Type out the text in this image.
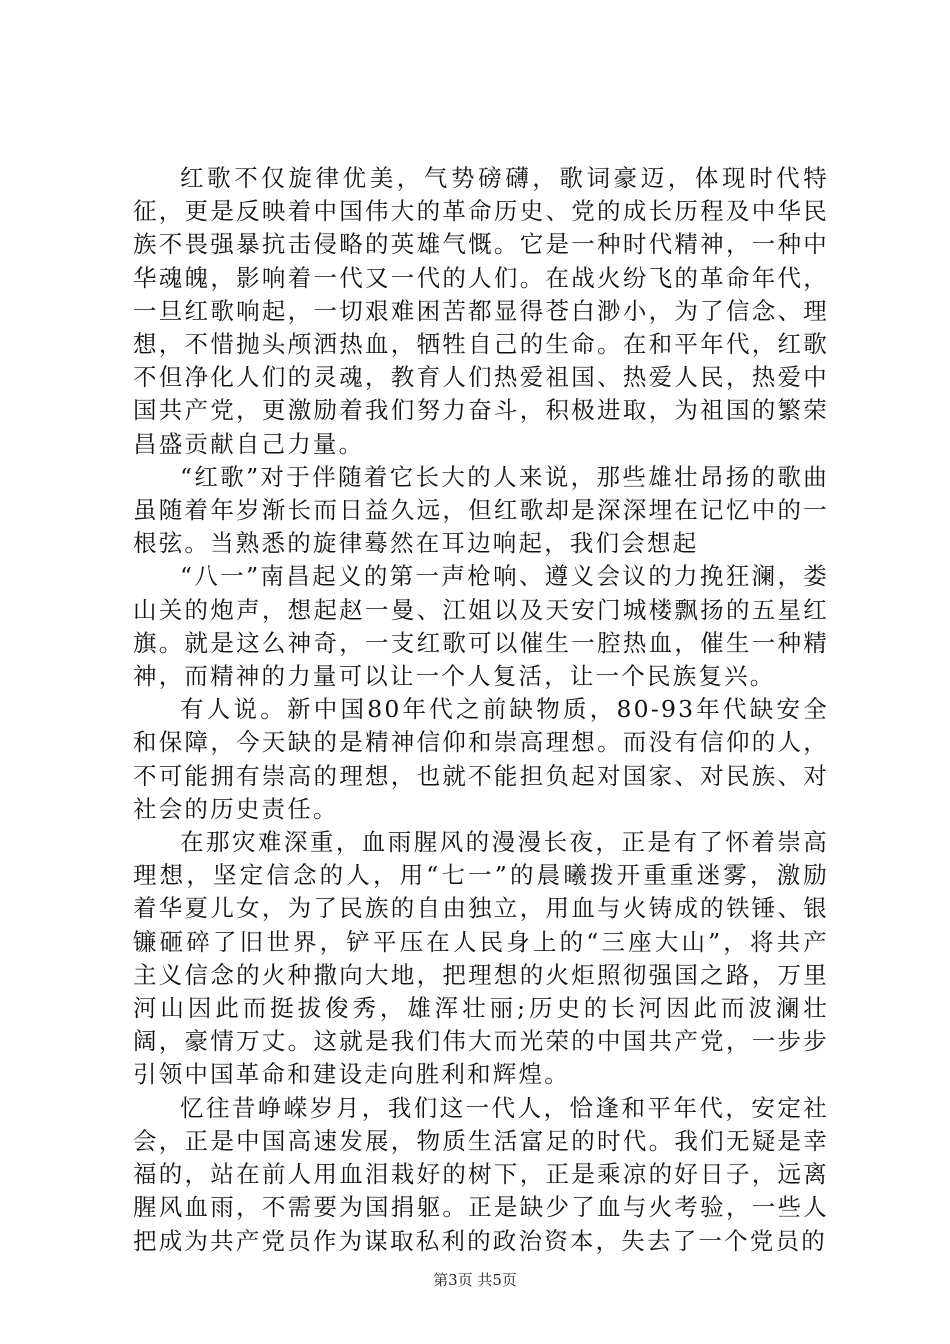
红歌不仅旋律优美，气势磅礴，歌词豪迈，体现时代特征，更是反映着中国伟大的革命历史、党的成长历程及中华民族不畏强暴抗击侵略的英雄气慨。它是一种时代精神，一种中华魂魄，影响着一代又一代的人们。在战火纷飞的革命年代，一旦红歌响起，一切艰难困苦都显得苍白渺小，为了信念、理想，不惜抛头颅洒热血，牺牲自己的生命。在和平年代，红歌不但净化人们的灵魂，教育人们热爱祖国、热爱人民，热爱中国共产党，更激励着我们努力奋斗，积极进取，为祖国的繁荣昌盛贡献自己力量。

“红歌”对于伴随着它长大的人来说，那些雄壮昂扬的歌曲虽随着年岁渐长而日益久远，但红歌却是深深埋在记忆中的一根弦。当熟悉的旋律蓦然在耳边响起，我们会想起

“八一”南昌起义的第一声枪响、遵义会议的力挽狂澜，娄山关的炮声，想起赵一曼、江姐以及天安门城楼飘扬的五星红旗。就是这么神奇，一支红歌可以催生一腔热血，催生一种精神，而精神的力量可以让一个人复活，让一个民族复兴。

有人说。新中国80年代之前缺物质，80-93年代缺安全和保障，今天缺的是精神信仰和崇高理想。而没有信仰的人，不可能拥有崇高的理想，也就不能担负起对国家、对民族、对社会的历史责任。

在那灾难深重，血雨腥风的漫漫长夜，正是有了怀着崇高理想，坚定信念的人，用“七一”的晨曦拨开重重迷雾，激励着华夏儿女，为了民族的自由独立，用血与火铸成的铁锤、银镰砸碎了旧世界，铲平压在人民身上的“三座大山”，将共产主义信念的火种撒向大地，把理想的火炬照彻强国之路，万里河山因此而挺拔俊秀，雄浑壮丽;历史的长河因此而波澜壮阔，豪情万丈。这就是我们伟大而光荣的中国共产党，一步步引领中国革命和建设走向胜利和辉煌。

忆往昔峥嵘岁月，我们这一代人，恰逢和平年代，安定社会，正是中国高速发展，物质生活富足的时代。我们无疑是幸福的，站在前人用血泪栽好的树下，正是乘凉的好日子，远离腥风血雨，不需要为国捐躯。正是缺少了血与火考验，一些人把成为共产党员作为谋取私利的政治资本，失去了一个党员的

第3页 共5页
